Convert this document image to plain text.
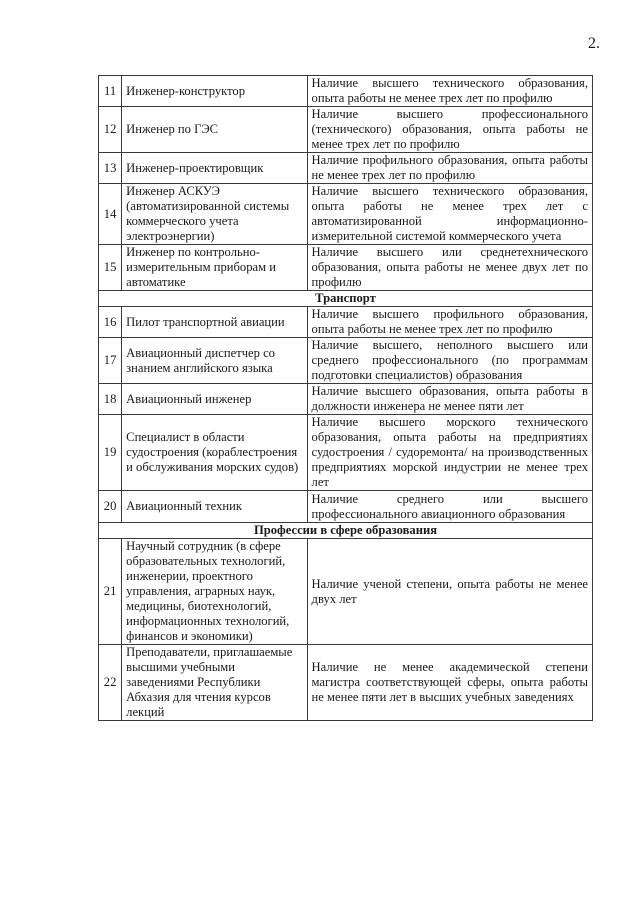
2.
11	Инженер-конструктор	Наличие высшего технического образования, опыта работы не менее трех лет по профилю
12	Инженер по ГЭС	Наличие высшего профессионального (технического) образования, опыта работы не менее трех лет по профилю
13	Инженер-проектировщик	Наличие профильного образования, опыта работы не менее трех лет по профилю
14	Инженер АСКУЭ (автоматизированной системы коммерческого учета электроэнергии)	Наличие высшего технического образования, опыта работы не менее трех лет с автоматизированной информационно-измерительной системой коммерческого учета
15	Инженер по контрольно-измерительным приборам и автоматике	Наличие высшего или среднетехнического образования, опыта работы не менее двух лет по профилю
Транспорт		
16	Пилот транспортной авиации	Наличие высшего профильного образования, опыта работы не менее трех лет по профилю
17	Авиационный диспетчер со знанием английского языка	Наличие высшего, неполного высшего или среднего профессионального (по программам подготовки специалистов) образования
18	Авиационный инженер	Наличие высшего образования, опыта работы в должности инженера не менее пяти лет
19	Специалист в области судостроения (кораблестроения и обслуживания морских судов)	Наличие высшего морского технического образования, опыта работы на предприятиях судостроения / судоремонта/ на производственных предприятиях морской индустрии не менее трех лет
20	Авиационный техник	Наличие среднего или высшего профессионального авиационного образования
Профессии в сфере образования		
21	Научный сотрудник (в сфере образовательных технологий, инженерии, проектного управления, аграрных наук, медицины, биотехнологий, информационных технологий, финансов и экономики)	Наличие ученой степени, опыта работы не менее двух лет
22	Преподаватели, приглашаемые высшими учебными заведениями Республики Абхазия для чтения курсов лекций	Наличие не менее академической степени магистра соответствующей сферы, опыта работы не менее пяти лет в высших учебных заведениях
